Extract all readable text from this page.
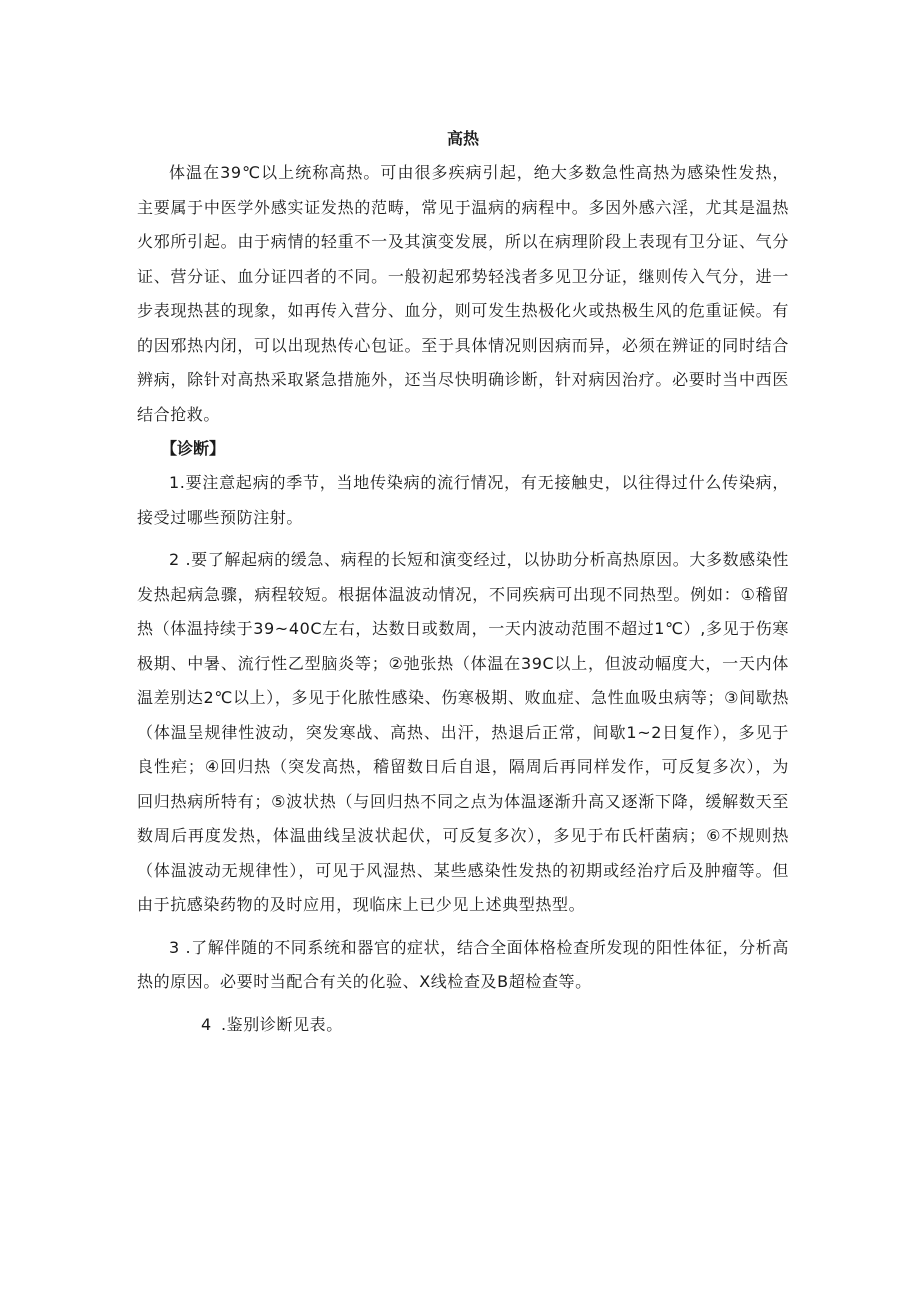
高热

体温在39℃以上统称高热。可由很多疾病引起，绝大多数急性高热为感染性发热，主要属于中医学外感实证发热的范畴，常见于温病的病程中。多因外感六淫，尤其是温热火邪所引起。由于病情的轻重不一及其演变发展，所以在病理阶段上表现有卫分证、气分证、营分证、血分证四者的不同。一般初起邪势轻浅者多见卫分证，继则传入气分，进一步表现热甚的现象，如再传入营分、血分，则可发生热极化火或热极生风的危重证候。有的因邪热内闭，可以出现热传心包证。至于具体情况则因病而异，必须在辨证的同时结合辨病，除针对高热采取紧急措施外，还当尽快明确诊断，针对病因治疗。必要时当中西医结合抢救。

【诊断】

1.要注意起病的季节，当地传染病的流行情况，有无接触史，以往得过什么传染病，接受过哪些预防注射。

2 .要了解起病的缓急、病程的长短和演变经过，以协助分析高热原因。大多数感染性发热起病急骤，病程较短。根据体温波动情况，不同疾病可出现不同热型。例如：①稽留热（体温持续于39~40C左右，达数日或数周，一天内波动范围不超过1℃）,多见于伤寒极期、中暑、流行性乙型脑炎等；②弛张热（体温在39C以上，但波动幅度大，一天内体温差别达2℃以上），多见于化脓性感染、伤寒极期、败血症、急性血吸虫病等；③间歇热（体温呈规律性波动，突发寒战、高热、出汗，热退后正常，间歇1~2日复作），多见于良性疟；④回归热（突发高热，稽留数日后自退，隔周后再同样发作，可反复多次），为回归热病所特有；⑤波状热（与回归热不同之点为体温逐渐升高又逐渐下降，缓解数天至数周后再度发热，体温曲线呈波状起伏，可反复多次），多见于布氏杆菌病；⑥不规则热（体温波动无规律性），可见于风湿热、某些感染性发热的初期或经治疗后及肿瘤等。但由于抗感染药物的及时应用，现临床上已少见上述典型热型。

3 .了解伴随的不同系统和器官的症状，结合全面体格检查所发现的阳性体征，分析高热的原因。必要时当配合有关的化验、X线检查及B超检查等。

4 .鉴别诊断见表。
